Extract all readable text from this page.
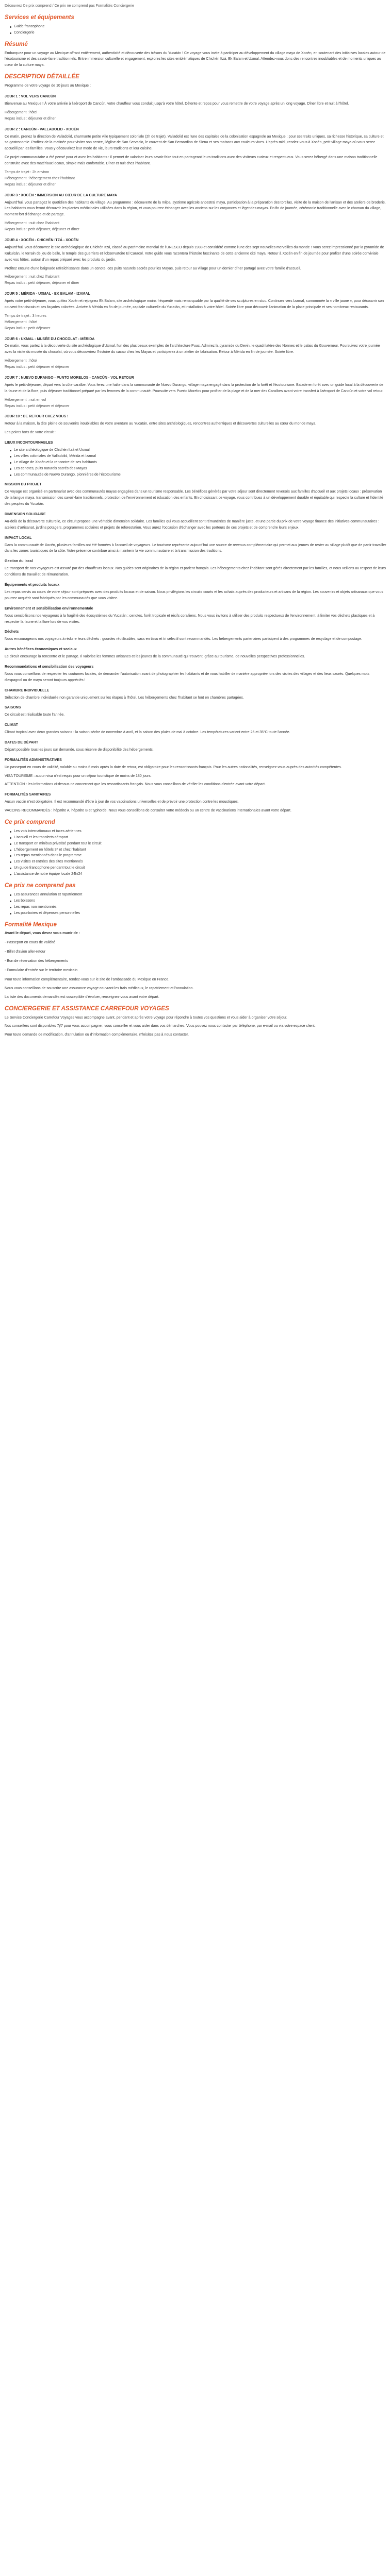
Découvrez Ce prix comprend / Ce prix ne comprend pas Formalités Conciergerie

Services et équipements
Guide francophone
Conciergerie
Résumé

Embarquez pour un voyage au Mexique offrant entièrement, authenticité et découverte des trésors du Yucatán ! Ce voyage vous invite à participer au développement du village maya de Xocén, en soutenant des initiatives locales autour de l'écotourisme et des savoir-faire traditionnels. Entre immersion culturelle et engagement, explorez les sites emblématiques de Chichén Itzá, Ek Balam et Uxmal. Attendez-vous donc des rencontres inoubliables et de moments uniques au cœur de la culture maya.

DESCRIPTION DÉTAILLÉE

Programme de votre voyage de 10 jours au Mexique :

JOUR 1 : VOL VERS CANCÚN

Bienvenue au Mexique ! À votre arrivée à l'aéroport de Cancún, votre chauffeur vous conduit jusqu'à votre hôtel. Détente et repos pour vous remettre de votre voyage après un long voyage. Dîner libre et nuit à l'hôtel.

Hébergement : hôtel

Repas inclus : déjeuner et dîner

JOUR 2 : CANCÚN - VALLADOLID - XOCÉN

Ce matin, prenez la direction de Valladolid, charmante petite ville typiquement coloniale (2h de trajet). Valladolid est l'une des capitales de la colonisation espagnole au Mexique ; pour ses traits uniques, sa richesse historique, sa culture et sa gastronomie. Profitez de la matinée pour visiter son centre, l'église de San Servacio, le couvent de San Bernardino de Siena et ses maisons aux couleurs vives. L'après-midi, rendez-vous à Xocén, petit village maya où vous serez accueilli par les familles. Vous y découvrirez leur mode de vie, leurs traditions et leur cuisine.

Ce projet communautaire a été pensé pour et avec les habitants : il permet de valoriser leurs savoir-faire tout en partageant leurs traditions avec des visiteurs curieux et respectueux. Vous serez hébergé dans une maison traditionnelle construite avec des matériaux locaux, simple mais confortable. Dîner et nuit chez l'habitant.

Temps de trajet : 2h environ

Hébergement : hébergement chez l'habitant

Repas inclus : déjeuner et dîner

JOUR 3 : XOCÉN : IMMERSION AU CŒUR DE LA CULTURE MAYA

Aujourd'hui, vous partagez le quotidien des habitants du village. Au programme : découverte de la milpa, système agricole ancestral maya, participation à la préparation des tortillas, visite de la maison de l'artisan et des ateliers de broderie. Les habitants vous feront découvrir les plantes médicinales utilisées dans la région, et vous pourrez échanger avec les anciens sur les croyances et légendes mayas. En fin de journée, cérémonie traditionnelle avec le chaman du village, moment fort d'échange et de partage.

Hébergement : nuit chez l'habitant

Repas inclus : petit déjeuner, déjeuner et dîner

JOUR 4 : XOCÉN - CHICHÉN ITZÁ - XOCÉN

Aujourd'hui, vous découvrez le site archéologique de Chichén Itzá, classé au patrimoine mondial de l'UNESCO depuis 1988 et considéré comme l'une des sept nouvelles merveilles du monde ! Vous serez impressionné par la pyramide de Kukulcán, le terrain de jeu de balle, le temple des guerriers et l'observatoire El Caracol. Votre guide vous racontera l'histoire fascinante de cette ancienne cité maya. Retour à Xocén en fin de journée pour profiter d'une soirée conviviale avec vos hôtes, autour d'un repas préparé avec les produits du jardin.

Profitez ensuite d'une baignade rafraîchissante dans un cenote, ces puits naturels sacrés pour les Mayas, puis retour au village pour un dernier dîner partagé avec votre famille d'accueil.

Hébergement : nuit chez l'habitant

Repas inclus : petit déjeuner, déjeuner et dîner

JOUR 5 : MÉRIDA - UXMAL - EK BALAM - IZAMAL

Après votre petit-déjeuner, vous quittez Xocén et rejoignez Ek Balam, site archéologique moins fréquenté mais remarquable par la qualité de ses sculptures en stuc. Continuez vers Izamal, surnommée la « ville jaune », pour découvrir son couvent franciscain et ses façades colorées. Arrivée à Mérida en fin de journée, capitale culturelle du Yucatán, et installation à votre hôtel. Soirée libre pour découvrir l'animation de la place principale et ses nombreux restaurants.

Temps de trajet : 3 heures

Hébergement : hôtel

Repas inclus : petit déjeuner

JOUR 6 : UXMAL - MUSÉE DU CHOCOLAT - MÉRIDA

Ce matin, vous partez à la découverte du site archéologique d'Uxmal, l'un des plus beaux exemples de l'architecture Puuc. Admirez la pyramide du Devin, le quadrilatère des Nonnes et le palais du Gouverneur. Poursuivez votre journée avec la visite du musée du chocolat, où vous découvrirez l'histoire du cacao chez les Mayas et participerez à un atelier de fabrication. Retour à Mérida en fin de journée. Soirée libre.

Hébergement : hôtel

Repas inclus : petit déjeuner et déjeuner

JOUR 7 : NUEVO DURANGO - PUNTO MORELOS - CANCÚN - VOL RETOUR

Après le petit-déjeuner, départ vers la côte caraïbe. Vous ferez une halte dans la communauté de Nuevo Durango, village maya engagé dans la protection de la forêt et l'écotourisme. Balade en forêt avec un guide local à la découverte de la faune et de la flore, puis déjeuner traditionnel préparé par les femmes de la communauté. Poursuite vers Puerto Morelos pour profiter de la plage et de la mer des Caraïbes avant votre transfert à l'aéroport de Cancún et votre vol retour.

Hébergement : nuit en vol

Repas inclus : petit déjeuner et déjeuner

JOUR 10 : DE RETOUR CHEZ VOUS !

Retour à la maison, la tête pleine de souvenirs inoubliables de votre aventure au Yucatán, entre sites archéologiques, rencontres authentiques et découvertes culturelles au cœur du monde maya.

Les points forts de votre circuit :

LIEUX INCONTOURNABLES
Le site archéologique de Chichén Itzá et Uxmal
Les villes coloniales de Valladolid, Mérida et Izamal
Le village de Xocén et la rencontre de ses habitants
Les cenotes, puits naturels sacrés des Mayas
Les communautés de Nuevo Durango, pionnières de l'écotourisme
MISSION DU PROJET

Ce voyage est organisé en partenariat avec des communautés mayas engagées dans un tourisme responsable. Les bénéfices générés par votre séjour sont directement reversés aux familles d'accueil et aux projets locaux : préservation de la langue maya, transmission des savoir-faire traditionnels, protection de l'environnement et éducation des enfants. En choisissant ce voyage, vous contribuez à un développement durable et équitable qui respecte la culture et l'identité des peuples du Yucatán.

DIMENSION SOLIDAIRE

Au-delà de la découverte culturelle, ce circuit propose une véritable dimension solidaire. Les familles qui vous accueillent sont rémunérées de manière juste, et une partie du prix de votre voyage finance des initiatives communautaires : ateliers d'artisanat, jardins potagers, programmes scolaires et projets de reforestation. Vous aurez l'occasion d'échanger avec les porteurs de ces projets et de comprendre leurs enjeux.

IMPACT LOCAL

Dans la communauté de Xocén, plusieurs familles ont été formées à l'accueil de voyageurs. Le tourisme représente aujourd'hui une source de revenus complémentaire qui permet aux jeunes de rester au village plutôt que de partir travailler dans les zones touristiques de la côte. Votre présence contribue ainsi à maintenir la vie communautaire et la transmission des traditions.

Gestion du local

Le transport de nos voyageurs est assuré par des chauffeurs locaux. Nos guides sont originaires de la région et parlent français. Les hébergements chez l'habitant sont gérés directement par les familles, et nous veillons au respect de leurs conditions de travail et de rémunération.

Équipements et produits locaux

Les repas servis au cours de votre séjour sont préparés avec des produits locaux et de saison. Nous privilégions les circuits courts et les achats auprès des producteurs et artisans de la région. Les souvenirs et objets artisanaux que vous pourrez acquérir sont fabriqués par les communautés que vous visitez.

Environnement et sensibilisation environnementale

Nous sensibilisons nos voyageurs à la fragilité des écosystèmes du Yucatán : cenotes, forêt tropicale et récifs coralliens. Nous vous invitons à utiliser des produits respectueux de l'environnement, à limiter vos déchets plastiques et à respecter la faune et la flore lors de vos visites.

Déchets

Nous encourageons nos voyageurs à réduire leurs déchets : gourdes réutilisables, sacs en tissu et tri sélectif sont recommandés. Les hébergements partenaires participent à des programmes de recyclage et de compostage.

Autres bénéfices économiques et sociaux

Le circuit encourage la rencontre et le partage. Il valorise les femmes artisanes et les jeunes de la communauté qui trouvent, grâce au tourisme, de nouvelles perspectives professionnelles.

Recommandations et sensibilisation des voyageurs

Nous vous conseillons de respecter les coutumes locales, de demander l'autorisation avant de photographier les habitants et de vous habiller de manière appropriée lors des visites des villages et des lieux sacrés. Quelques mots d'espagnol ou de maya seront toujours appréciés !

CHAMBRE INDIVIDUELLE

Sélection de chambre individuelle non garantie uniquement sur les étapes à l'hôtel. Les hébergements chez l'habitant se font en chambres partagées.

SAISONS

Ce circuit est réalisable toute l'année.

CLIMAT

Climat tropical avec deux grandes saisons : la saison sèche de novembre à avril, et la saison des pluies de mai à octobre. Les températures varient entre 25 et 35°C toute l'année.

DATES DE DÉPART

Départ possible tous les jours sur demande, sous réserve de disponibilité des hébergements.

FORMALITÉS ADMINISTRATIVES

Un passeport en cours de validité, valable au moins 6 mois après la date de retour, est obligatoire pour les ressortissants français. Pour les autres nationalités, renseignez-vous auprès des autorités compétentes.

VISA TOURISME : aucun visa n'est requis pour un séjour touristique de moins de 180 jours.

ATTENTION : les informations ci-dessus ne concernent que les ressortissants français. Nous vous conseillons de vérifier les conditions d'entrée avant votre départ.

FORMALITÉS SANITAIRES

Aucun vaccin n'est obligatoire. Il est recommandé d'être à jour de vos vaccinations universelles et de prévoir une protection contre les moustiques.

VACCINS RECOMMANDÉS : hépatite A, hépatite B et typhoïde. Nous vous conseillons de consulter votre médecin ou un centre de vaccinations internationales avant votre départ.

Ce prix comprend
Les vols internationaux et taxes aériennes
L'accueil et les transferts aéroport
Le transport en minibus privatisé pendant tout le circuit
L'hébergement en hôtels 3* et chez l'habitant
Les repas mentionnés dans le programme
Les visites et entrées des sites mentionnés
Un guide francophone pendant tout le circuit
L'assistance de notre équipe locale 24h/24
Ce prix ne comprend pas
Les assurances annulation et rapatriement
Les boissons
Les repas non mentionnés
Les pourboires et dépenses personnelles
Formalité Mexique

Avant le départ, vous devez vous munir de :

- Passeport en cours de validité

- Billet d'avion aller-retour

- Bon de réservation des hébergements

- Formulaire d'entrée sur le territoire mexicain

Pour toute information complémentaire, rendez-vous sur le site de l'ambassade du Mexique en France.

Nous vous conseillons de souscrire une assurance voyage couvrant les frais médicaux, le rapatriement et l'annulation.

La liste des documents demandés est susceptible d'évoluer, renseignez-vous avant votre départ.

CONCIERGERIE ET ASSISTANCE CARREFOUR VOYAGES

Le Service Conciergerie Carrefour Voyages vous accompagne avant, pendant et après votre voyage pour répondre à toutes vos questions et vous aider à organiser votre séjour.

Nos conseillers sont disponibles 7j/7 pour vous accompagner, vous conseiller et vous aider dans vos démarches. Vous pouvez nous contacter par téléphone, par e-mail ou via votre espace client.

Pour toute demande de modification, d'annulation ou d'information complémentaire, n'hésitez pas à nous contacter.
